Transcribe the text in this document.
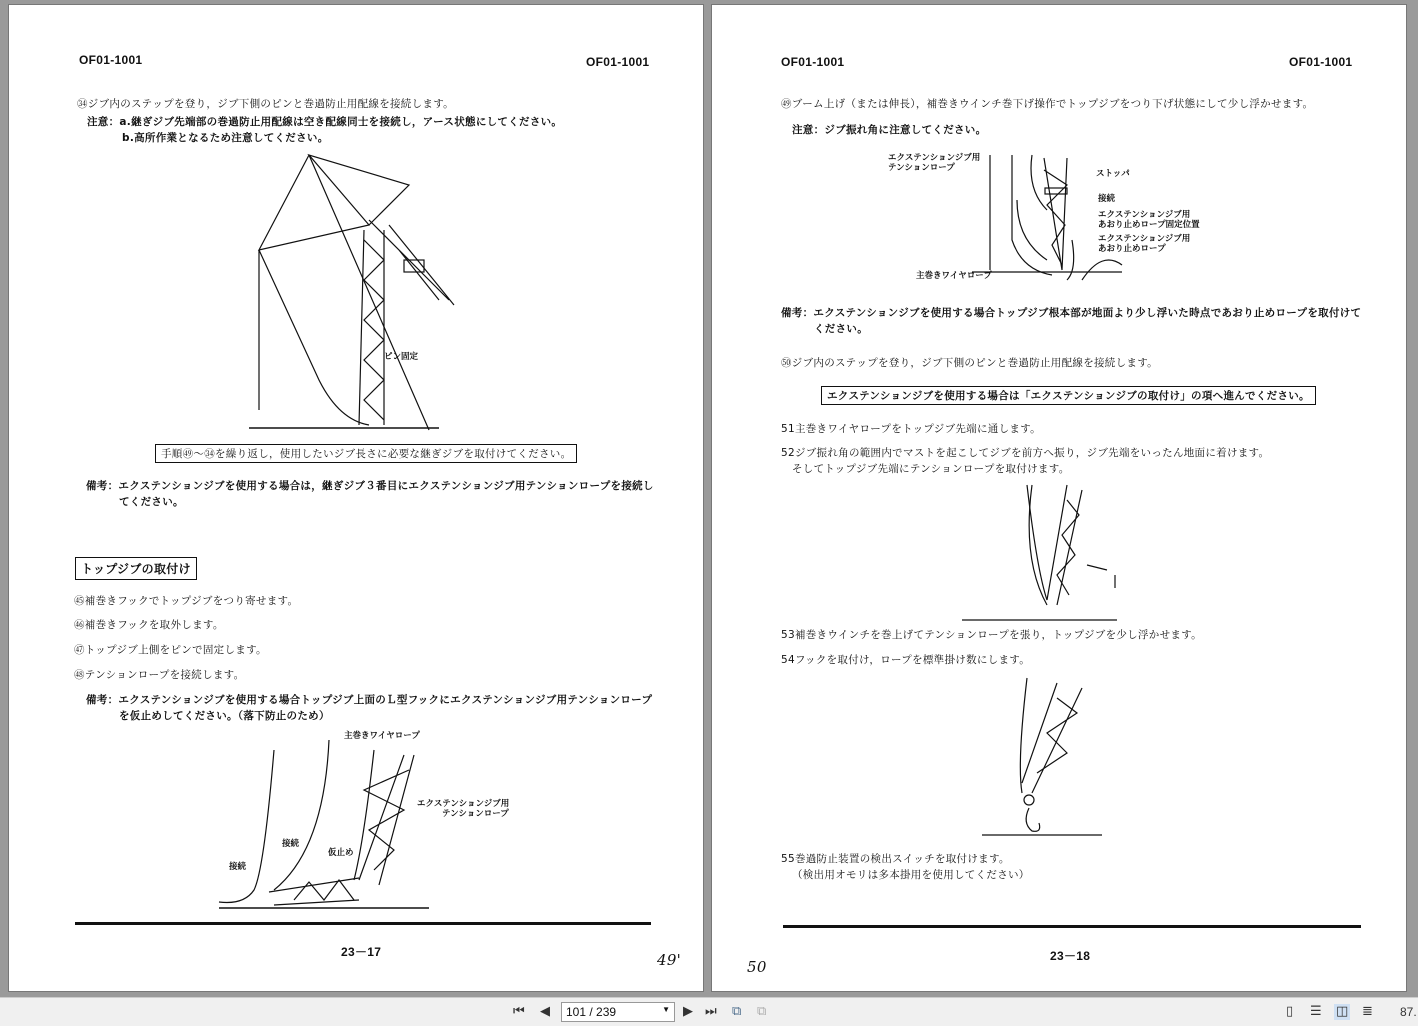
OF01-1001	OF01-1001
㉞ジブ内のステップを登り，ジブ下側のピンと巻過防止用配線を接続します。
注意：a.継ぎジブ先端部の巻過防止用配線は空き配線同士を接続し，アース状態にしてください。
b.高所作業となるため注意してください。
ピン固定
手順㊾～㉞を繰り返し，使用したいジブ長さに必要な継ぎジブを取付けてください。
備考：エクステンションジブを使用する場合は，継ぎジブ３番目にエクステンションジブ用テンションロープを接続し
てください。
トップジブの取付け
㊺補巻きフックでトップジブをつり寄せます。
㊻補巻きフックを取外します。
㊼トップジブ上側をピンで固定します。
㊽テンションロープを接続します。
備考：エクステンションジブを使用する場合トップジブ上面のＬ型フックにエクステンションジブ用テンションロープ
を仮止めしてください。（落下防止のため）
主巻きワイヤロープ
エクステンションジブ用
テンションロープ
接続
接続
仮止め
23－17	49'
OF01-1001	OF01-1001
㊾ブーム上げ（または伸長），補巻きウインチ巻下げ操作でトップジブをつり下げ状態にして少し浮かせます。
注意：ジブ振れ角に注意してください。
エクステンションジブ用
テンションロープ
ストッパ
接続
エクステンションジブ用
あおり止めロープ固定位置
エクステンションジブ用
あおり止めロープ
主巻きワイヤロープ
備考：エクステンションジブを使用する場合トップジブ根本部が地面より少し浮いた時点であおり止めロープを取付けて
ください。
㊿ジブ内のステップを登り，ジブ下側のピンと巻過防止用配線を接続します。
エクステンションジブを使用する場合は「エクステンションジブの取付け」の項へ進んでください。
51主巻きワイヤロープをトップジブ先端に通します。
52ジブ振れ角の範囲内でマストを起こしてジブを前方へ振り，ジブ先端をいったん地面に着けます。
そしてトップジブ先端にテンションロープを取付けます。
53補巻きウインチを巻上げてテンションロープを張り，トップジブを少し浮かせます。
54フックを取付け，ロープを標準掛け数にします。
55巻過防止装置の検出スイッチを取付けます。
（検出用オモリは多本掛用を使用してください）
23－18
50
⏮ ◀	101 / 239	▼ ▶ ⏭ ⧉ ⧉	▯ ☰ ◫ ≣ 87.
